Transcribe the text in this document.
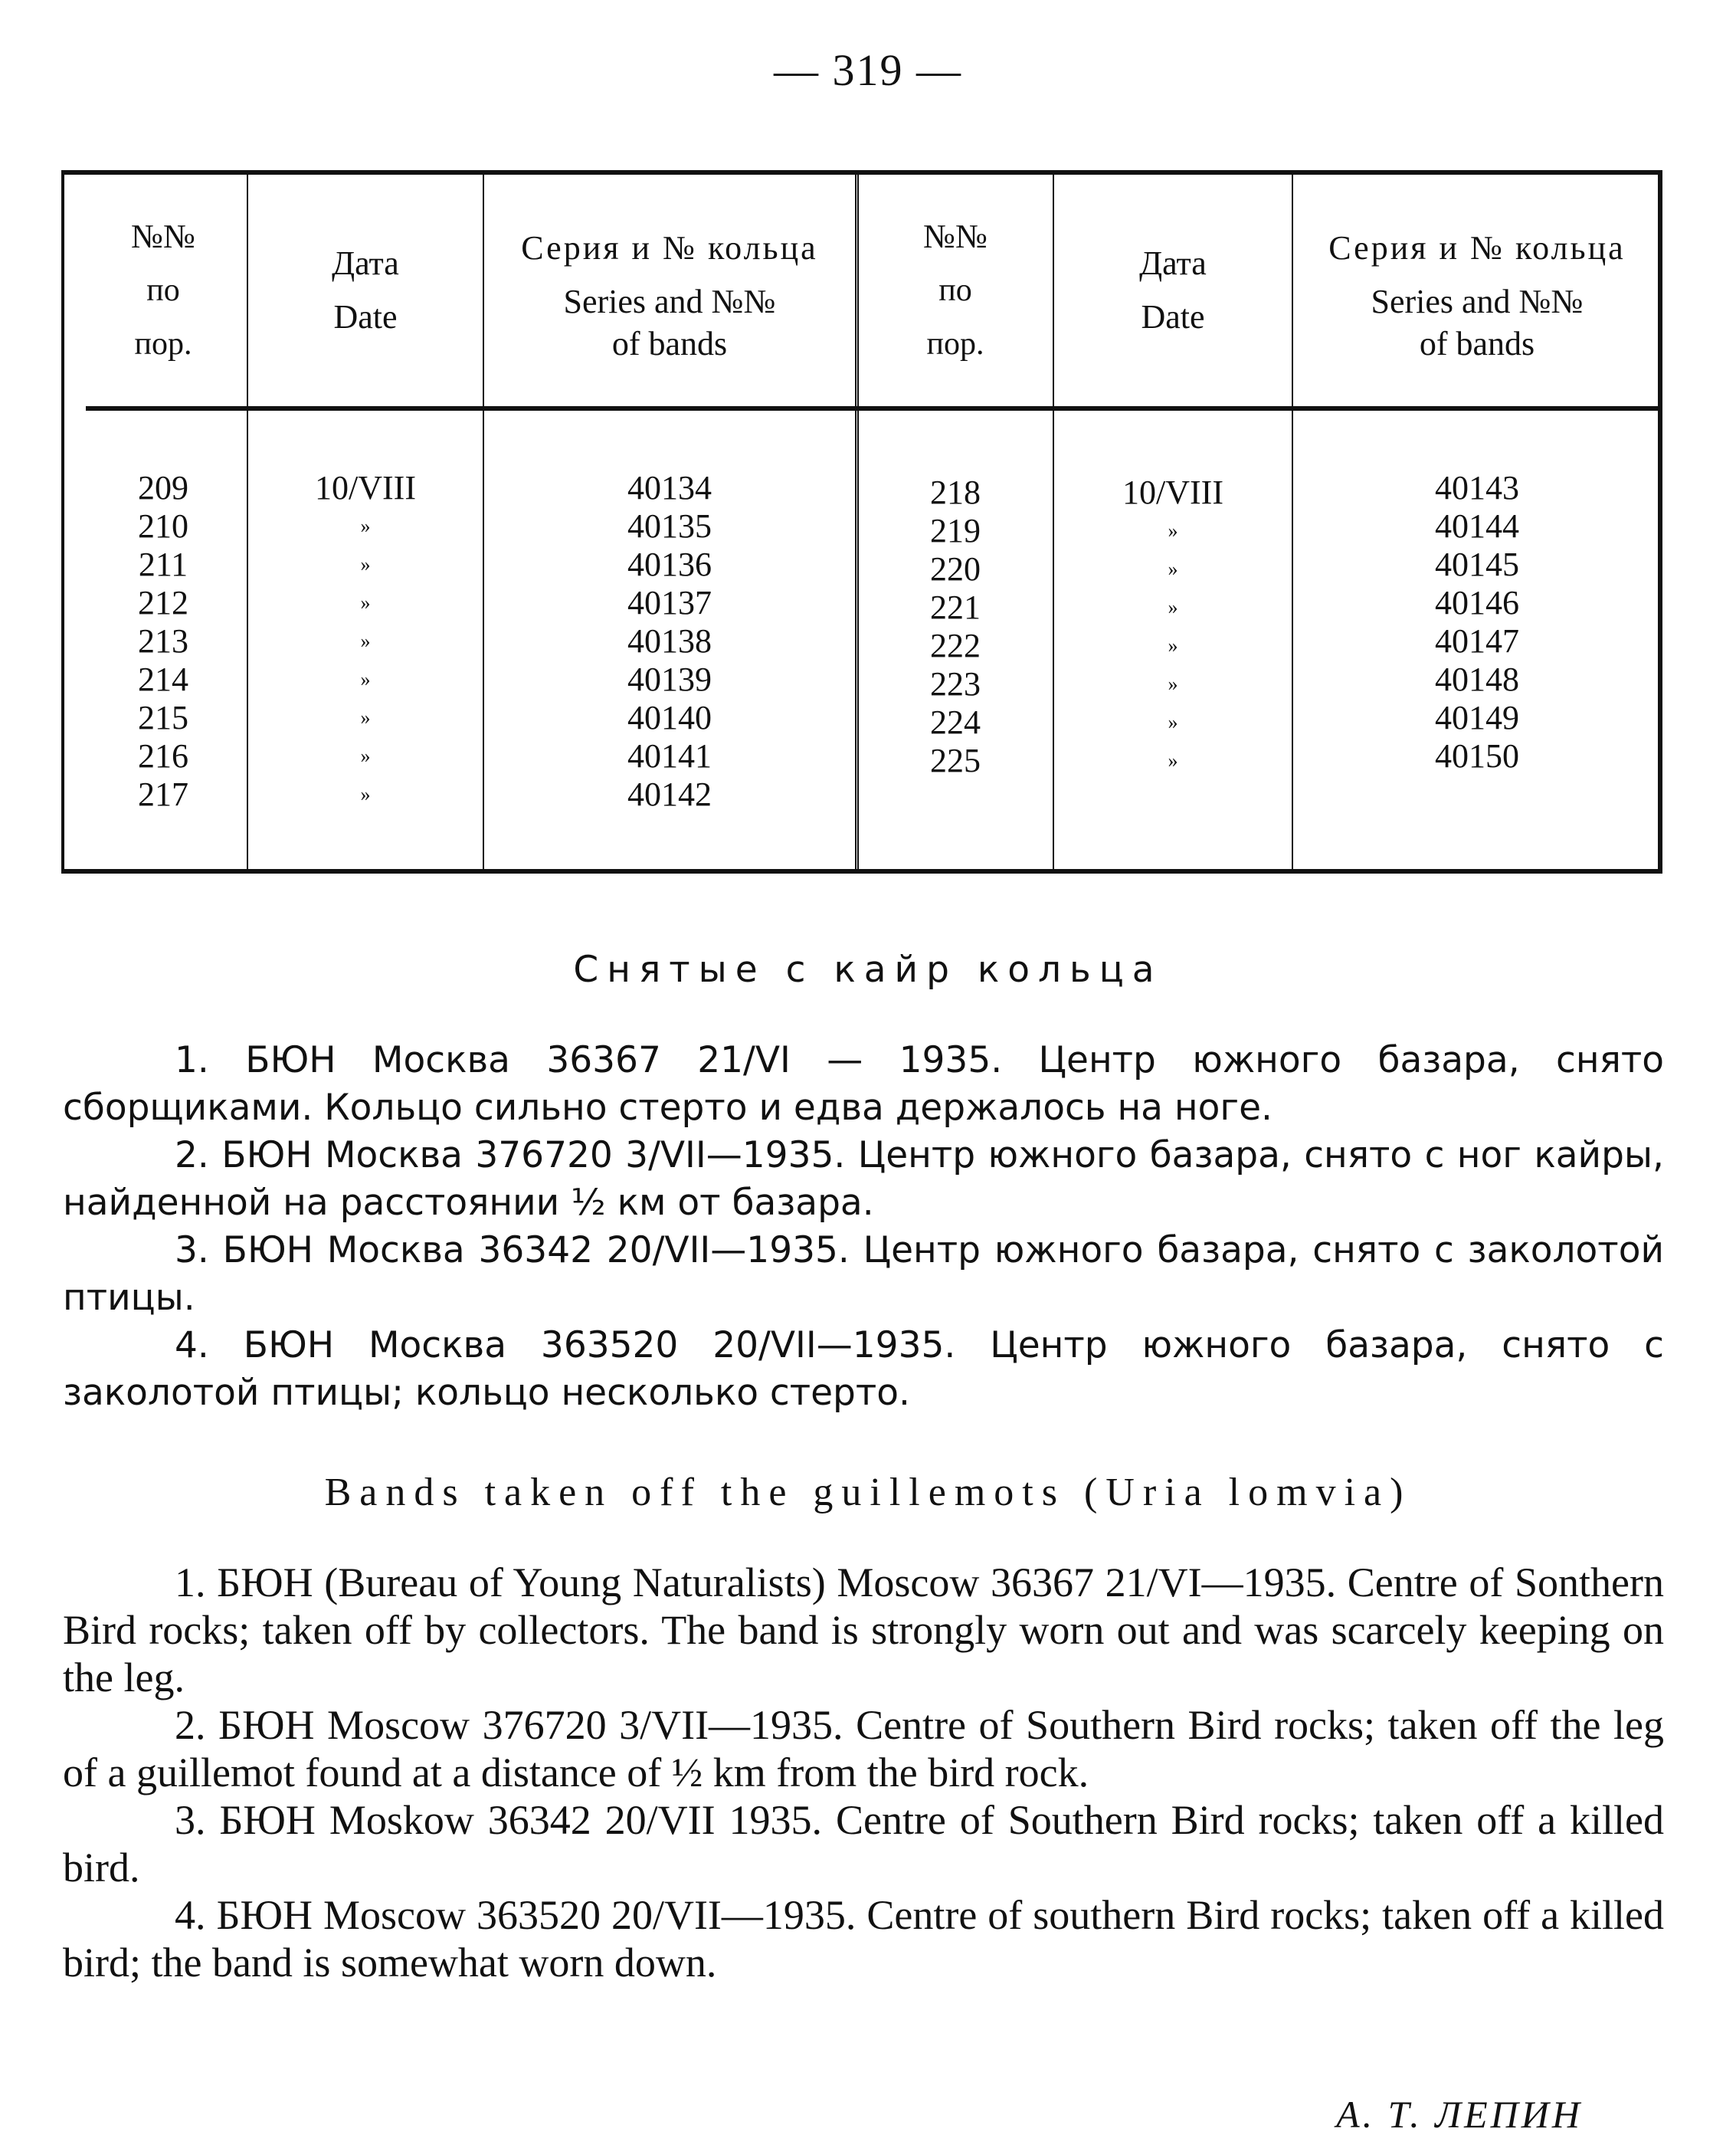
— 319 —
№№
по
пор.
Дата
Date
Серия и № кольца
Series and №№
of bands
№№
по
пор.
Дата
Date
Серия и № кольца
Series and №№
of bands
209
210
211
212
213
214
215
216
217
10/VIII
»
»
»
»
»
»
»
»
40134
40135
40136
40137
40138
40139
40140
40141
40142
218
219
220
221
222
223
224
225
10/VIII
»
»
»
»
»
»
»
40143
40144
40145
40146
40147
40148
40149
40150
Снятые с кайр кольца

1. БЮН Москва 36367 21/VI — 1935. Центр южного базара, снято сборщиками. Кольцо сильно стерто и едва держалось на ноге.

2. БЮН Москва 376720 3/VII—1935. Центр южного базара, снято с ног кайры, найденной на расстоянии ½ км от базара.

3. БЮН Москва 36342 20/VII—1935. Центр южного базара, снято с заколотой птицы.

4. БЮН Москва 363520 20/VII—1935. Центр южного базара, снято с заколотой птицы; кольцо несколько стерто.

Bands taken off the guillemots (Uria lomvia)

1. БЮН (Bureau of Young Naturalists) Moscow 36367 21/VI—1935. Centre of Sonthern Bird rocks; taken off by collectors. The band is strongly worn out and was scarcely keeping on the leg.

2. БЮН Moscow 376720 3/VII—1935. Centre of Southern Bird rocks; taken off the leg of a guillemot found at a distance of ½ km from the bird rock.

3. БЮН Moskow 36342 20/VII 1935. Centre of Southern Bird rocks; taken off a killed bird.

4. БЮН Moscow 363520 20/VII—1935. Centre of southern Bird rocks; taken off a killed bird; the band is somewhat worn down.

А. Т. ЛЕПИН
